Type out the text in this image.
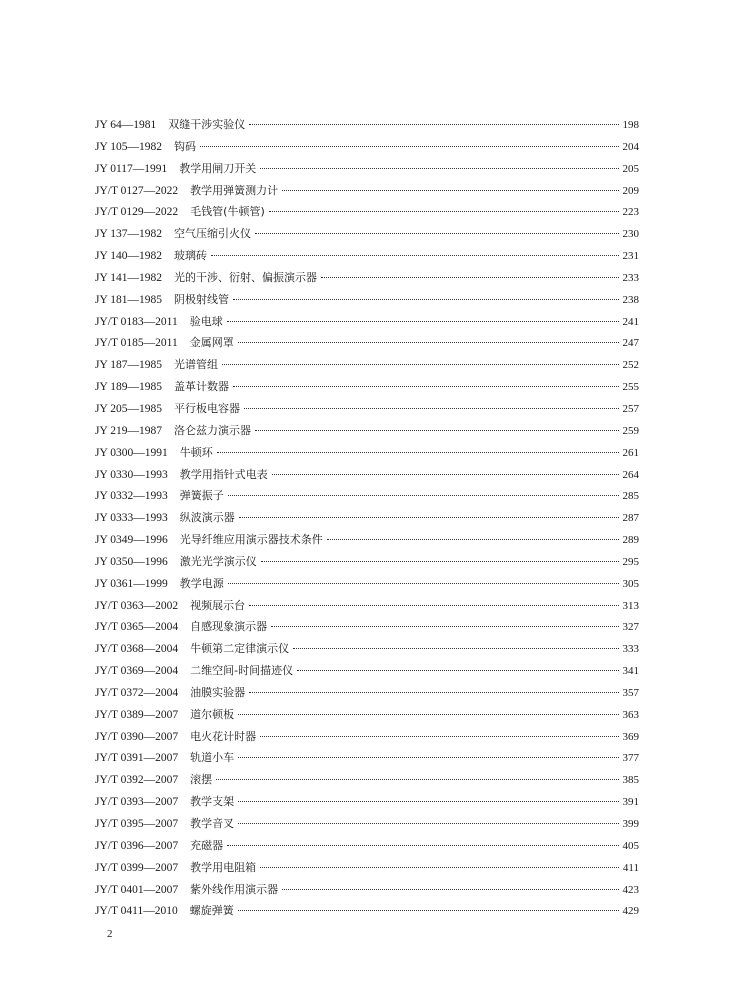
JY 64—1981 双缝干涉实验仪	198
JY 105—1982 钩码	204
JY 0117—1991 教学用闸刀开关	205
JY/T 0127—2022 教学用弹簧测力计	209
JY/T 0129—2022 毛钱管(牛顿管)	223
JY 137—1982 空气压缩引火仪	230
JY 140—1982 玻璃砖	231
JY 141—1982 光的干涉、衍射、偏振演示器	233
JY 181—1985 阴极射线管	238
JY/T 0183—2011 验电球	241
JY/T 0185—2011 金属网罩	247
JY 187—1985 光谱管组	252
JY 189—1985 盖革计数器	255
JY 205—1985 平行板电容器	257
JY 219—1987 洛仑兹力演示器	259
JY 0300—1991 牛顿环	261
JY 0330—1993 教学用指针式电表	264
JY 0332—1993 弹簧振子	285
JY 0333—1993 纵波演示器	287
JY 0349—1996 光导纤维应用演示器技术条件	289
JY 0350—1996 激光光学演示仪	295
JY 0361—1999 教学电源	305
JY/T 0363—2002 视频展示台	313
JY/T 0365—2004 自感现象演示器	327
JY/T 0368—2004 牛顿第二定律演示仪	333
JY/T 0369—2004 二维空间-时间描迹仪	341
JY/T 0372—2004 油膜实验器	357
JY/T 0389—2007 道尔顿板	363
JY/T 0390—2007 电火花计时器	369
JY/T 0391—2007 轨道小车	377
JY/T 0392—2007 滚摆	385
JY/T 0393—2007 教学支架	391
JY/T 0395—2007 教学音叉	399
JY/T 0396—2007 充磁器	405
JY/T 0399—2007 教学用电阻箱	411
JY/T 0401—2007 紫外线作用演示器	423
JY/T 0411—2010 螺旋弹簧	429
2
